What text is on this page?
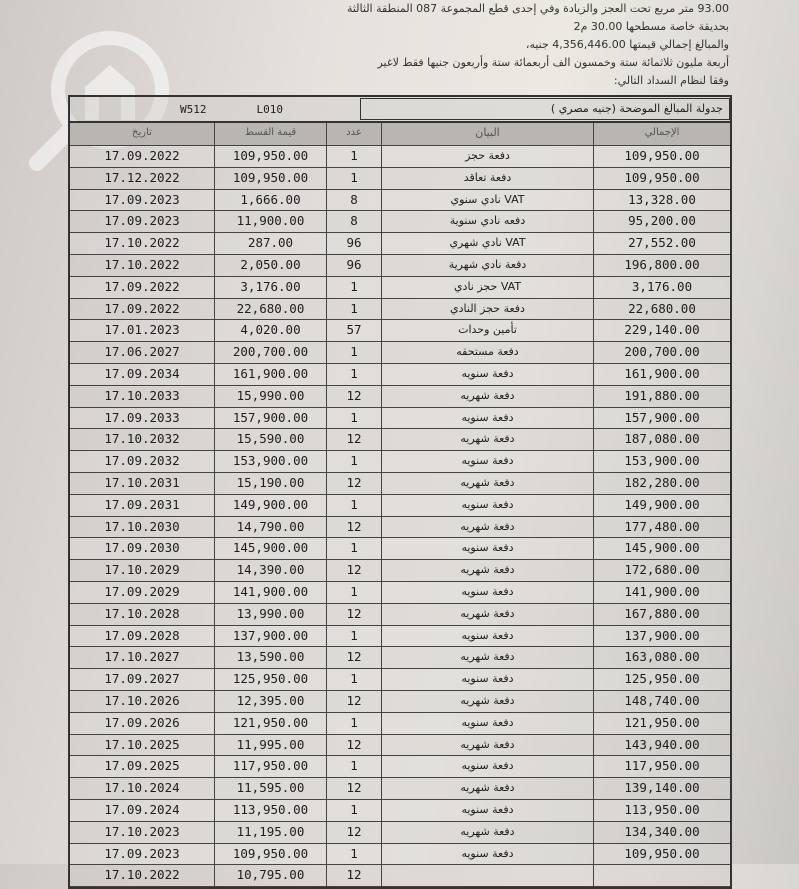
93.00 متر مربع تحت العجز والزيادة وفي إحدى قطع المجموعة 087 المنطقة الثالثة
بحديقة خاصة مسطحها 30.00 م2
والمبالغ إجمالي قيمتها 4,356,446.00 جنيه،
أربعة مليون ثلاثمائة ستة وخمسون الف أربعمائة ستة وأربعون جنيها فقط لاغير
وفقا لنظام السداد التالي:
W512	L010	جدولة المبالغ الموضحة (جنيه مصري )
تاريخ	قيمة القسط	عدد	البيان	الإجمالي
17.09.2022	109,950.00	1	دفعة حجز	109,950.00
17.12.2022	109,950.00	1	دفعة تعاقد	109,950.00
17.09.2023	1,666.00	8	VAT نادي سنوي	13,328.00
17.09.2023	11,900.00	8	دفعه نادي سنوية	95,200.00
17.10.2022	287.00	96	VAT نادي شهري	27,552.00
17.10.2022	2,050.00	96	دفعة نادي شهرية	196,800.00
17.09.2022	3,176.00	1	VAT حجز نادي	3,176.00
17.09.2022	22,680.00	1	دفعة حجز النادي	22,680.00
17.01.2023	4,020.00	57	تأمين وحدات	229,140.00
17.06.2027	200,700.00	1	دفعة مستحقه	200,700.00
17.09.2034	161,900.00	1	دفعة سنويه	161,900.00
17.10.2033	15,990.00	12	دفعة شهريه	191,880.00
17.09.2033	157,900.00	1	دفعة سنويه	157,900.00
17.10.2032	15,590.00	12	دفعة شهريه	187,080.00
17.09.2032	153,900.00	1	دفعة سنويه	153,900.00
17.10.2031	15,190.00	12	دفعة شهريه	182,280.00
17.09.2031	149,900.00	1	دفعة سنويه	149,900.00
17.10.2030	14,790.00	12	دفعة شهريه	177,480.00
17.09.2030	145,900.00	1	دفعة سنويه	145,900.00
17.10.2029	14,390.00	12	دفعة شهريه	172,680.00
17.09.2029	141,900.00	1	دفعة سنويه	141,900.00
17.10.2028	13,990.00	12	دفعة شهريه	167,880.00
17.09.2028	137,900.00	1	دفعة سنويه	137,900.00
17.10.2027	13,590.00	12	دفعة شهريه	163,080.00
17.09.2027	125,950.00	1	دفعة سنويه	125,950.00
17.10.2026	12,395.00	12	دفعة شهريه	148,740.00
17.09.2026	121,950.00	1	دفعة سنويه	121,950.00
17.10.2025	11,995.00	12	دفعة شهريه	143,940.00
17.09.2025	117,950.00	1	دفعة سنويه	117,950.00
17.10.2024	11,595.00	12	دفعة شهريه	139,140.00
17.09.2024	113,950.00	1	دفعة سنويه	113,950.00
17.10.2023	11,195.00	12	دفعة شهريه	134,340.00
17.09.2023	109,950.00	1	دفعة سنويه	109,950.00
17.10.2022	10,795.00	12
